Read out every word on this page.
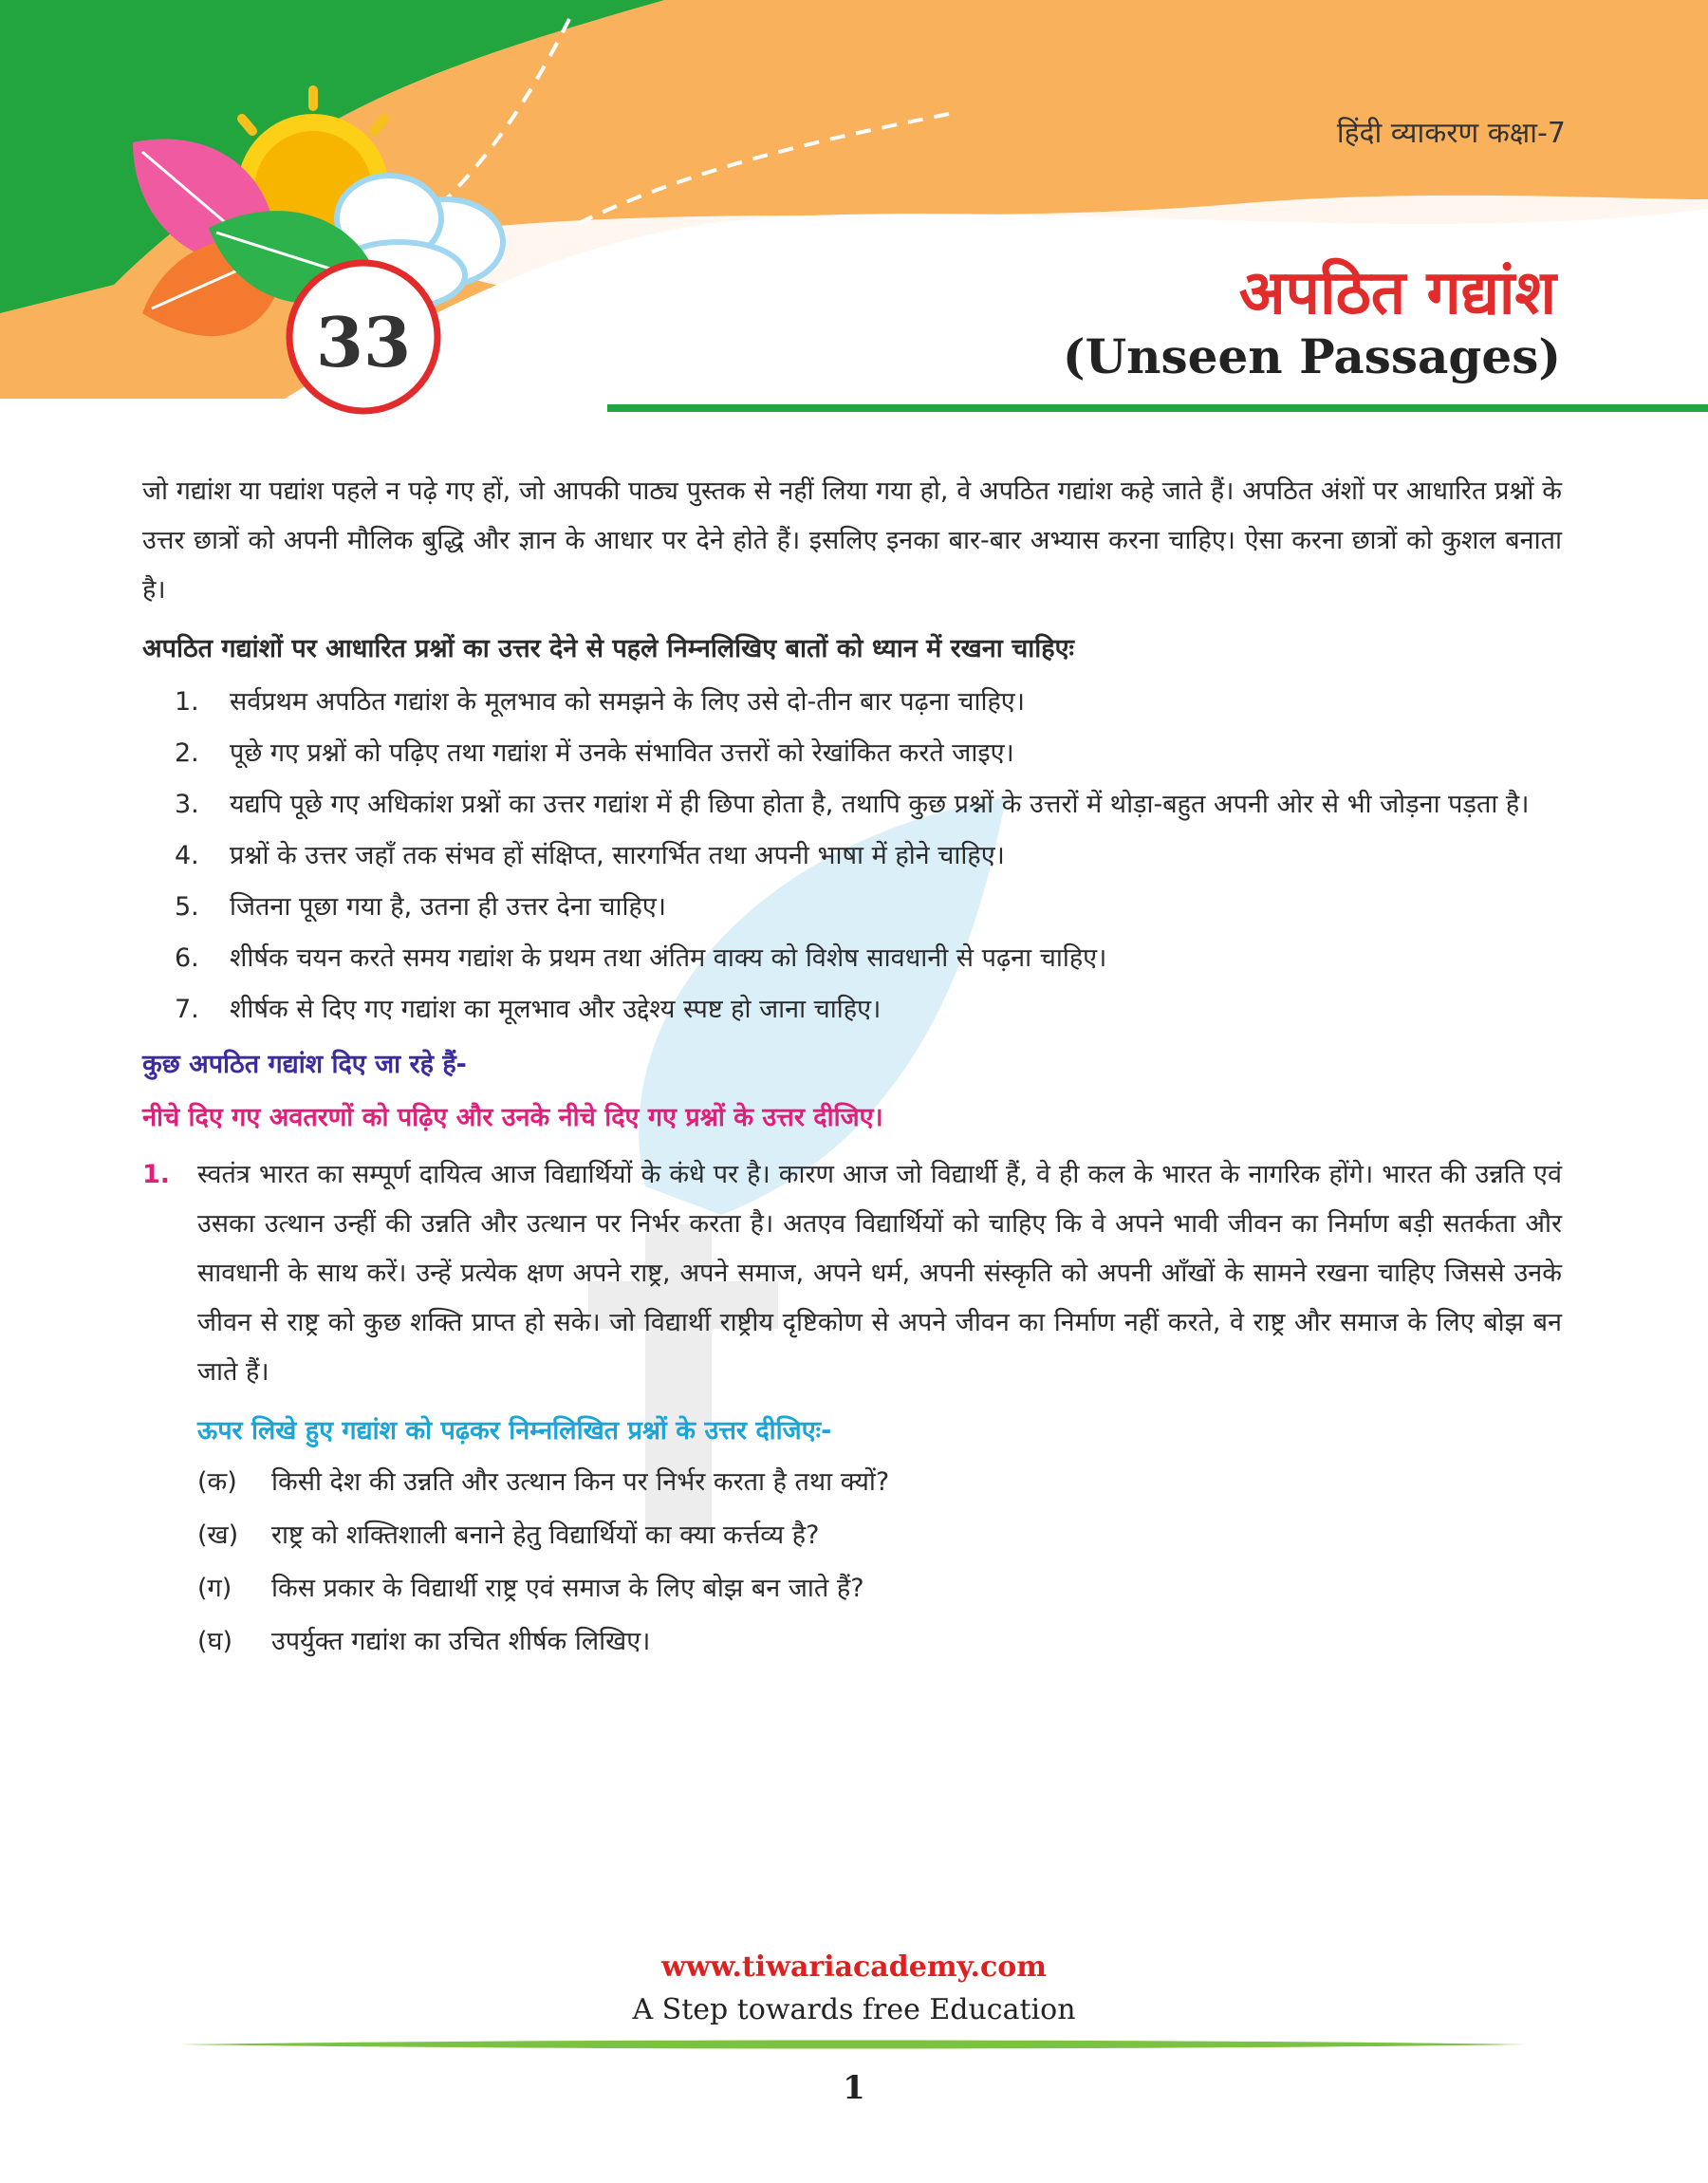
हिंदी व्याकरण कक्षा-7
अपठित गद्यांश
(Unseen Passages)
33

जो गद्यांश या पद्यांश पहले न पढ़े गए हों, जो आपकी पाठ्य पुस्तक से नहीं लिया गया हो, वे अपठित गद्यांश कहे जाते हैं। अपठित अंशों पर आधारित प्रश्नों के उत्तर छात्रों को अपनी मौलिक बुद्धि और ज्ञान के आधार पर देने होते हैं। इसलिए इनका बार-बार अभ्यास करना चाहिए। ऐसा करना छात्रों को कुशल बनाता है।

अपठित गद्यांशों पर आधारित प्रश्नों का उत्तर देने से पहले निम्नलिखिए बातों को ध्यान में रखना चाहिएः

1.	सर्वप्रथम अपठित गद्यांश के मूलभाव को समझने के लिए उसे दो-तीन बार पढ़ना चाहिए।
2.	पूछे गए प्रश्नों को पढ़िए तथा गद्यांश में उनके संभावित उत्तरों को रेखांकित करते जाइए।
3.	यद्यपि पूछे गए अधिकांश प्रश्नों का उत्तर गद्यांश में ही छिपा होता है, तथापि कुछ प्रश्नों के उत्तरों में थोड़ा-बहुत अपनी ओर से भी जोड़ना पड़ता है।
4.	प्रश्नों के उत्तर जहाँ तक संभव हों संक्षिप्त, सारगर्भित तथा अपनी भाषा में होने चाहिए।
5.	जितना पूछा गया है, उतना ही उत्तर देना चाहिए।
6.	शीर्षक चयन करते समय गद्यांश के प्रथम तथा अंतिम वाक्य को विशेष सावधानी से पढ़ना चाहिए।
7.	शीर्षक से दिए गए गद्यांश का मूलभाव और उद्देश्य स्पष्ट हो जाना चाहिए।

कुछ अपठित गद्यांश दिए जा रहे हैं-

नीचे दिए गए अवतरणों को पढ़िए और उनके नीचे दिए गए प्रश्नों के उत्तर दीजिए।

1.	स्वतंत्र भारत का सम्पूर्ण दायित्व आज विद्यार्थियों के कंधे पर है। कारण आज जो विद्यार्थी हैं, वे ही कल के भारत के नागरिक होंगे। भारत की उन्नति एवं उसका उत्थान उन्हीं की उन्नति और उत्थान पर निर्भर करता है। अतएव विद्यार्थियों को चाहिए कि वे अपने भावी जीवन का निर्माण बड़ी सतर्कता और सावधानी के साथ करें। उन्हें प्रत्येक क्षण अपने राष्ट्र, अपने समाज, अपने धर्म, अपनी संस्कृति को अपनी आँखों के सामने रखना चाहिए जिससे उनके जीवन से राष्ट्र को कुछ शक्ति प्राप्त हो सके। जो विद्यार्थी राष्ट्रीय दृष्टिकोण से अपने जीवन का निर्माण नहीं करते, वे राष्ट्र और समाज के लिए बोझ बन जाते हैं।

ऊपर लिखे हुए गद्यांश को पढ़कर निम्नलिखित प्रश्नों के उत्तर दीजिएः-

(क)	किसी देश की उन्नति और उत्थान किन पर निर्भर करता है तथा क्यों?
(ख)	राष्ट्र को शक्तिशाली बनाने हेतु विद्यार्थियों का क्या कर्त्तव्य है?
(ग)	किस प्रकार के विद्यार्थी राष्ट्र एवं समाज के लिए बोझ बन जाते हैं?
(घ)	उपर्युक्त गद्यांश का उचित शीर्षक लिखिए।
www.tiwariacademy.com
A Step towards free Education
1
